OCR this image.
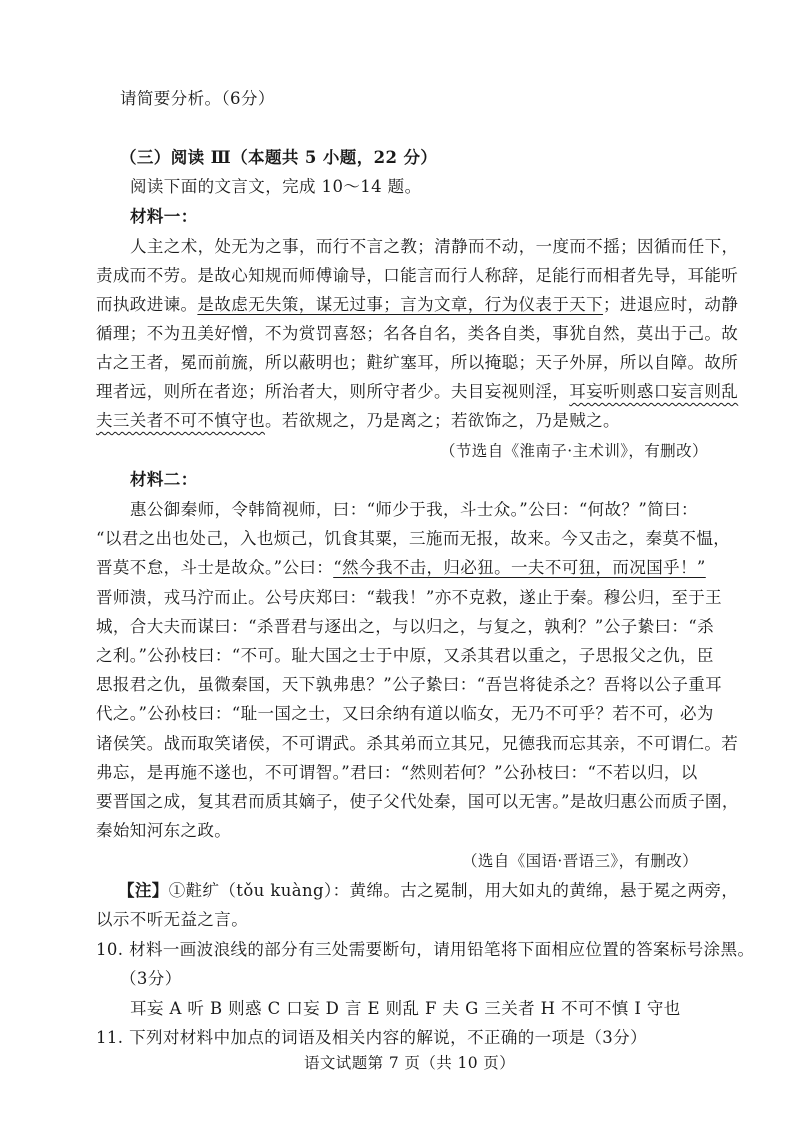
请简要分析。（6分）

（三）阅读 Ⅲ（本题共 5 小题，22 分）

阅读下面的文言文，完成 10～14 题。

材料一：

人主之术，处无为之事，而行不言之教；清静而不动，一度而不摇；因循而任下，

责成而不劳。是故心知规而师傅谕导，口能言而行人称辞，足能行而相者先导，耳能听

而执政进谏。是故虑无失策，谋无过事；言为文章，行为仪表于天下；进退应时，动静

循理；不为丑美好憎，不为赏罚喜怒；名各自名，类各自类，事犹自然，莫出于己。故

古之王者，冕而前旒，所以蔽明也；黈纩塞耳，所以掩聪；天子外屏，所以自障。故所

理者远，则所在者迩；所治者大，则所守者少。夫目妄视则淫，耳妄听则惑口妄言则乱

夫三关者不可不慎守也。若欲规之，乃是离之；若欲饰之，乃是贼之。

（节选自《淮南子·主术训》，有删改）

材料二：

惠公御秦师，令韩简视师，曰：“师少于我，斗士众。”公曰：“何故？”简曰：

“以君之出也处己，入也烦己，饥食其粟，三施而无报，故来。今又击之，秦莫不愠，

晋莫不怠，斗士是故众。”公曰：“然今我不击，归必狃。一夫不可狃，而况国乎！”

晋师溃，戎马泞而止。公号庆郑曰：“载我！”亦不克救，遂止于秦。穆公归，至于王

城，合大夫而谋曰：“杀晋君与逐出之，与以归之，与复之，孰利？”公子絷曰：“杀

之利。”公孙枝曰：“不可。耻大国之士于中原，又杀其君以重之，子思报父之仇，臣

思报君之仇，虽微秦国，天下孰弗患？”公子絷曰：“吾岂将徒杀之？吾将以公子重耳

代之。”公孙枝曰：“耻一国之士，又曰余纳有道以临女，无乃不可乎？若不可，必为

诸侯笑。战而取笑诸侯，不可谓武。杀其弟而立其兄，兄德我而忘其亲，不可谓仁。若

弗忘，是再施不遂也，不可谓智。”君曰：“然则若何？”公孙枝曰：“不若以归，以

要晋国之成，复其君而质其嫡子，使子父代处秦，国可以无害。”是故归惠公而质子圉，

秦始知河东之政。

（选自《国语·晋语三》，有删改）

【注】①黈纩（tǒu kuàng）：黄绵。古之冕制，用大如丸的黄绵，悬于冕之两旁，

以示不听无益之言。

10. 材料一画波浪线的部分有三处需要断句，请用铅笔将下面相应位置的答案标号涂黑。

（3分）

耳妄 A 听 B 则惑 C 口妄 D 言 E 则乱 F 夫 G 三关者 H 不可不慎 I 守也

11. 下列对材料中加点的词语及相关内容的解说，不正确的一项是（3分）

语文试题第 7 页（共 10 页）
